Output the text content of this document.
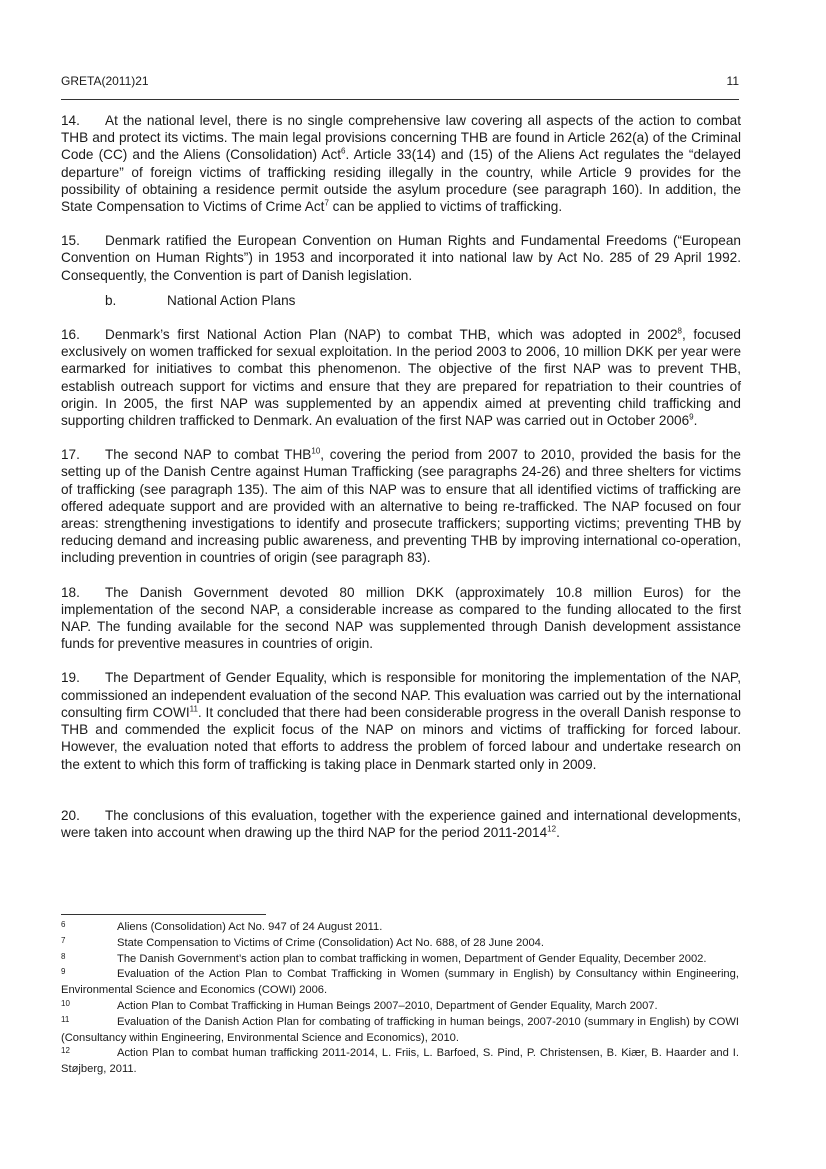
GRETA(2011)21	11

14. At the national level, there is no single comprehensive law covering all aspects of the action to combat THB and protect its victims. The main legal provisions concerning THB are found in Article 262(a) of the Criminal Code (CC) and the Aliens (Consolidation) Act$^6$. Article 33(14) and (15) of the Aliens Act regulates the “delayed departure” of foreign victims of trafficking residing illegally in the country, while Article 9 provides for the possibility of obtaining a residence permit outside the asylum procedure (see paragraph 160). In addition, the State Compensation to Victims of Crime Act$^7$ can be applied to victims of trafficking.

15. Denmark ratified the European Convention on Human Rights and Fundamental Freedoms (“European Convention on Human Rights”) in 1953 and incorporated it into national law by Act No. 285 of 29 April 1992. Consequently, the Convention is part of Danish legislation.

b.	National Action Plans

16. Denmark’s first National Action Plan (NAP) to combat THB, which was adopted in 2002$^8$, focused exclusively on women trafficked for sexual exploitation. In the period 2003 to 2006, 10 million DKK per year were earmarked for initiatives to combat this phenomenon. The objective of the first NAP was to prevent THB, establish outreach support for victims and ensure that they are prepared for repatriation to their countries of origin. In 2005, the first NAP was supplemented by an appendix aimed at preventing child trafficking and supporting children trafficked to Denmark. An evaluation of the first NAP was carried out in October 2006$^9$.

17. The second NAP to combat THB$^{10}$, covering the period from 2007 to 2010, provided the basis for the setting up of the Danish Centre against Human Trafficking (see paragraphs 24-26) and three shelters for victims of trafficking (see paragraph 135). The aim of this NAP was to ensure that all identified victims of trafficking are offered adequate support and are provided with an alternative to being re-trafficked. The NAP focused on four areas: strengthening investigations to identify and prosecute traffickers; supporting victims; preventing THB by reducing demand and increasing public awareness, and preventing THB by improving international co-operation, including prevention in countries of origin (see paragraph 83).

18. The Danish Government devoted 80 million DKK (approximately 10.8 million Euros) for the implementation of the second NAP, a considerable increase as compared to the funding allocated to the first NAP. The funding available for the second NAP was supplemented through Danish development assistance funds for preventive measures in countries of origin.

19. The Department of Gender Equality, which is responsible for monitoring the implementation of the NAP, commissioned an independent evaluation of the second NAP. This evaluation was carried out by the international consulting firm COWI$^{11}$. It concluded that there had been considerable progress in the overall Danish response to THB and commended the explicit focus of the NAP on minors and victims of trafficking for forced labour. However, the evaluation noted that efforts to address the problem of forced labour and undertake research on the extent to which this form of trafficking is taking place in Denmark started only in 2009.

20. The conclusions of this evaluation, together with the experience gained and international developments, were taken into account when drawing up the third NAP for the period 2011-2014$^{12}$.

6	Aliens (Consolidation) Act No. 947 of 24 August 2011.

7	State Compensation to Victims of Crime (Consolidation) Act No. 688, of 28 June 2004.

8	The Danish Government’s action plan to combat trafficking in women, Department of Gender Equality, December 2002.

9	Evaluation of the Action Plan to Combat Trafficking in Women (summary in English) by Consultancy within Engineering, Environmental Science and Economics (COWI) 2006.

10	Action Plan to Combat Trafficking in Human Beings 2007–2010, Department of Gender Equality, March 2007.

11	Evaluation of the Danish Action Plan for combating of trafficking in human beings, 2007-2010 (summary in English) by COWI (Consultancy within Engineering, Environmental Science and Economics), 2010.

12	Action Plan to combat human trafficking 2011-2014, L. Friis, L. Barfoed, S. Pind, P. Christensen, B. Kiær, B. Haarder and I. Støjberg, 2011.
